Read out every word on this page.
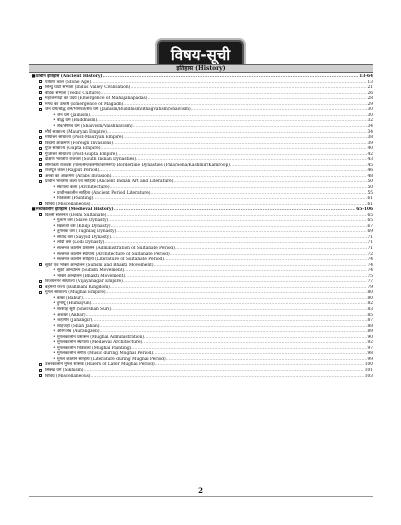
विषय-सूची
इतिहास (History)
■प्राचीन इतिहास (Ancient History) .....	13-64
पाषाण काल (Stone Age) .....	13
सिन्धु घाटी सभ्यता (Indus Valley Civilisation) .....	21
वैदिक सभ्यता (Vedic Culture) .....	26
महाजनपदों का उदय (Emergence of Mahajanapadas) .....	28
मगध का उत्कर्ष (Emergence of Magadh) .....	29
जैन धर्म/बौद्ध धर्म/भागवत/शैव धर्म (Jainism/Buddhism/Bhagvatism/Shaivism) .....	30
•जैन धर्म (Jainism) .....	30
•बौद्ध धर्म (Buddhism) .....	32
•शैव/वैष्णव धर्म (Shaivism/Vaishnavism) .....	34
मौर्य साम्राज्य (Mauryan Empire) .....	34
मौर्योत्तर साम्राज्य (Post-Mauryan Empire) .....	38
विदेशी आक्रमण (Foreign Invasions) .....	39
गुप्त साम्राज्य (Gupta Empire) .....	40
गुप्तोत्तर साम्राज्य (Post-Gupta Empire) .....	42
दक्षिण भारतीय राजवंश (South Indian Dynasties) .....	43
सीमावर्ती राजवंश (पाल/सेन/कश्मीर/कामरूप) Borderline Dynasties (Pala/Sena/Kashmir/Kamroop) .....	45
राजपूत काल (Rajput Period) .....	46
अरबों का आक्रमण (Arabs Invasion) .....	48
प्राचीन भारतीय कला एवं साहित्य (Ancient Indian Art and Literature) .....	50
•स्थापत्य कला (Architecture) .....	50
•प्राचीनकालीन साहित्य (Ancient Period Literature) .....	55
•चित्रकला (Painting) .....	61
विविध (Miscellaneous) .....	61
■मध्यकालीन इतिहास (Medieval History) .....	65-106
दिल्ली सल्तनत (Delhi Sultanate) .....	65
•गुलाम वंश (Slave Dynasty) .....	65
•खिलजी वंश (Khilji Dynasty) .....	67
•तुगलक वंश (Tughlaq Dynasty) .....	69
•सैय्यद वंश (Sayyid Dynasty) .....	71
•लोदी वंश (Lodi Dynasty) .....	71
•सल्तनत कालीन प्रशासन (Administration of Sultanate Period) .....	71
•सल्तनत कालीन स्थापत्य (Architecture of Sultanate Period) .....	72
•सल्तनत कालीन साहित्य (Literature of Sultanate Period) .....	74
सूफी एवं भक्ति आन्दोलन (Sufism and Bhakti Movement) .....	74
•सूफी आन्दोलन (Sufism Movement) .....	74
•भक्ति आन्दोलन (Bhakti Movement) .....	75
विजयनगर साम्राज्य (Vijayanagar Empire) .....	77
बहमनी राज्य (Bahmani Kingdom) .....	79
मुगल साम्राज्य (Mughal Empire) .....	80
•बाबर (Babur) .....	80
•हुमायूँ (Humayun) .....	82
•शेरशाह सूरी (Shershah Suri) .....	83
•अकबर (Akbar) .....	85
•जहाँगीर (Jahangir) .....	87
•शाहजहाँ (Shah Jahan) .....	88
•औरंगजेब (Aurangzeb) .....	89
•मुगलकालीन प्रशासन (Mughal Administration) .....	90
•मुगलकालीन स्थापत्य (Medieval Architecture) .....	92
•मुगलकालीन चित्रकला (Mughal Painting) .....	97
•मुगलकालीन संगीत (Music during Mughal Period) .....	98
•मुगल कालीन साहित्य (Literature during Mughal Period) .....	99
उत्तरकालीन मुगल शासक (Rulers of Later Mughal Period) .....	100
सिक्ख धर्म (Sikhism) .....	101
विविध (Miscellaneous) .....	103
2
